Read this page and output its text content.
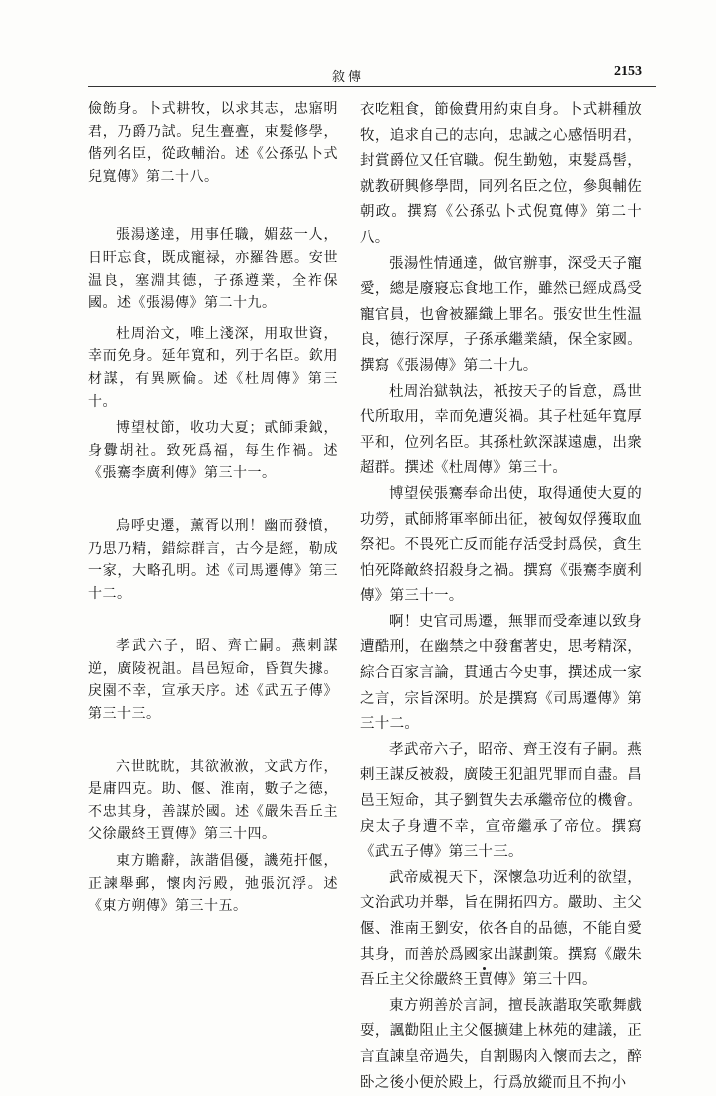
敘傳	2153

儉飭身。卜式耕牧，以求其志，忠寤明君，乃爵乃試。兒生亹亹，束髮修學，偕列名臣，從政輔治。述《公孫弘卜式兒寬傳》第二十八。

張湯遂達，用事任職，媚茲一人，日旰忘食，既成寵禄，亦羅咎慝。安世温良，塞淵其德，子孫遵業，全祚保國。述《張湯傳》第二十九。

杜周治文，唯上淺深，用取世資，幸而免身。延年寬和，列于名臣。欽用材謀，有異厥倫。述《杜周傳》第三十。

博望杖節，收功大夏；貳師秉鉞，身釁胡社。致死爲福，每生作禍。述《張騫李廣利傳》第三十一。

烏呼史遷，薰胥以刑！幽而發憤，乃思乃精，錯綜群言，古今是經，勒成一家，大略孔明。述《司馬遷傳》第三十二。

孝武六子，昭、齊亡嗣。燕剌謀逆，廣陵祝詛。昌邑短命，昏賀失據。戾園不幸，宣承天序。述《武五子傳》第三十三。

六世眈眈，其欲浟浟，文武方作，是庸四克。助、偃、淮南，數子之德，不忠其身，善謀於國。述《嚴朱吾丘主父徐嚴終王賈傳》第三十四。

東方贍辭，詼諧倡優，譏苑扞偃，正諫舉郵，懷肉污殿，弛張沉浮。述《東方朔傳》第三十五。

衣吃粗食，節儉費用約束自身。卜式耕種放牧，追求自己的志向，忠誠之心感悟明君，封賞爵位又任官職。倪生勤勉，束髮爲髻，就教研興修學問，同列名臣之位，參與輔佐朝政。撰寫《公孫弘卜式倪寬傳》第二十八。

張湯性情通達，做官辦事，深受天子寵愛，總是廢寢忘食地工作，雖然已經成爲受寵官員，也會被羅織上罪名。張安世生性温良，德行深厚，子孫承繼業績，保全家國。撰寫《張湯傳》第二十九。

杜周治獄執法，衹按天子的旨意，爲世代所取用，幸而免遭災禍。其子杜延年寬厚平和，位列名臣。其孫杜欽深謀遠慮，出衆超群。撰述《杜周傳》第三十。

博望侯張騫奉命出使，取得通使大夏的功勞，貳師將軍率師出征，被匈奴俘獲取血祭祀。不畏死亡反而能存活受封爲侯，貪生怕死降敵終招殺身之禍。撰寫《張騫李廣利傳》第三十一。

啊！史官司馬遷，無罪而受牽連以致身遭酷刑，在幽禁之中發奮著史，思考精深，綜合百家言論，貫通古今史事，撰述成一家之言，宗旨深明。於是撰寫《司馬遷傳》第三十二。

孝武帝六子，昭帝、齊王沒有子嗣。燕剌王謀反被殺，廣陵王犯詛咒罪而自盡。昌邑王短命，其子劉賀失去承繼帝位的機會。戾太子身遭不幸，宣帝繼承了帝位。撰寫《武五子傳》第三十三。

武帝威視天下，深懷急功近利的欲望，文治武功并舉，旨在開拓四方。嚴助、主父偃、淮南王劉安，依各自的品德，不能自愛其身，而善於爲國家出謀劃策。撰寫《嚴朱吾丘主父徐嚴終王賈傳》第三十四。

東方朔善於言詞，擅長詼諧取笑歌舞戲耍，諷勸阻止主父偃擴建上林苑的建議，正言直諫皇帝過失，自割賜肉入懷而去之，醉卧之後小便於殿上，行爲放縱而且不拘小
